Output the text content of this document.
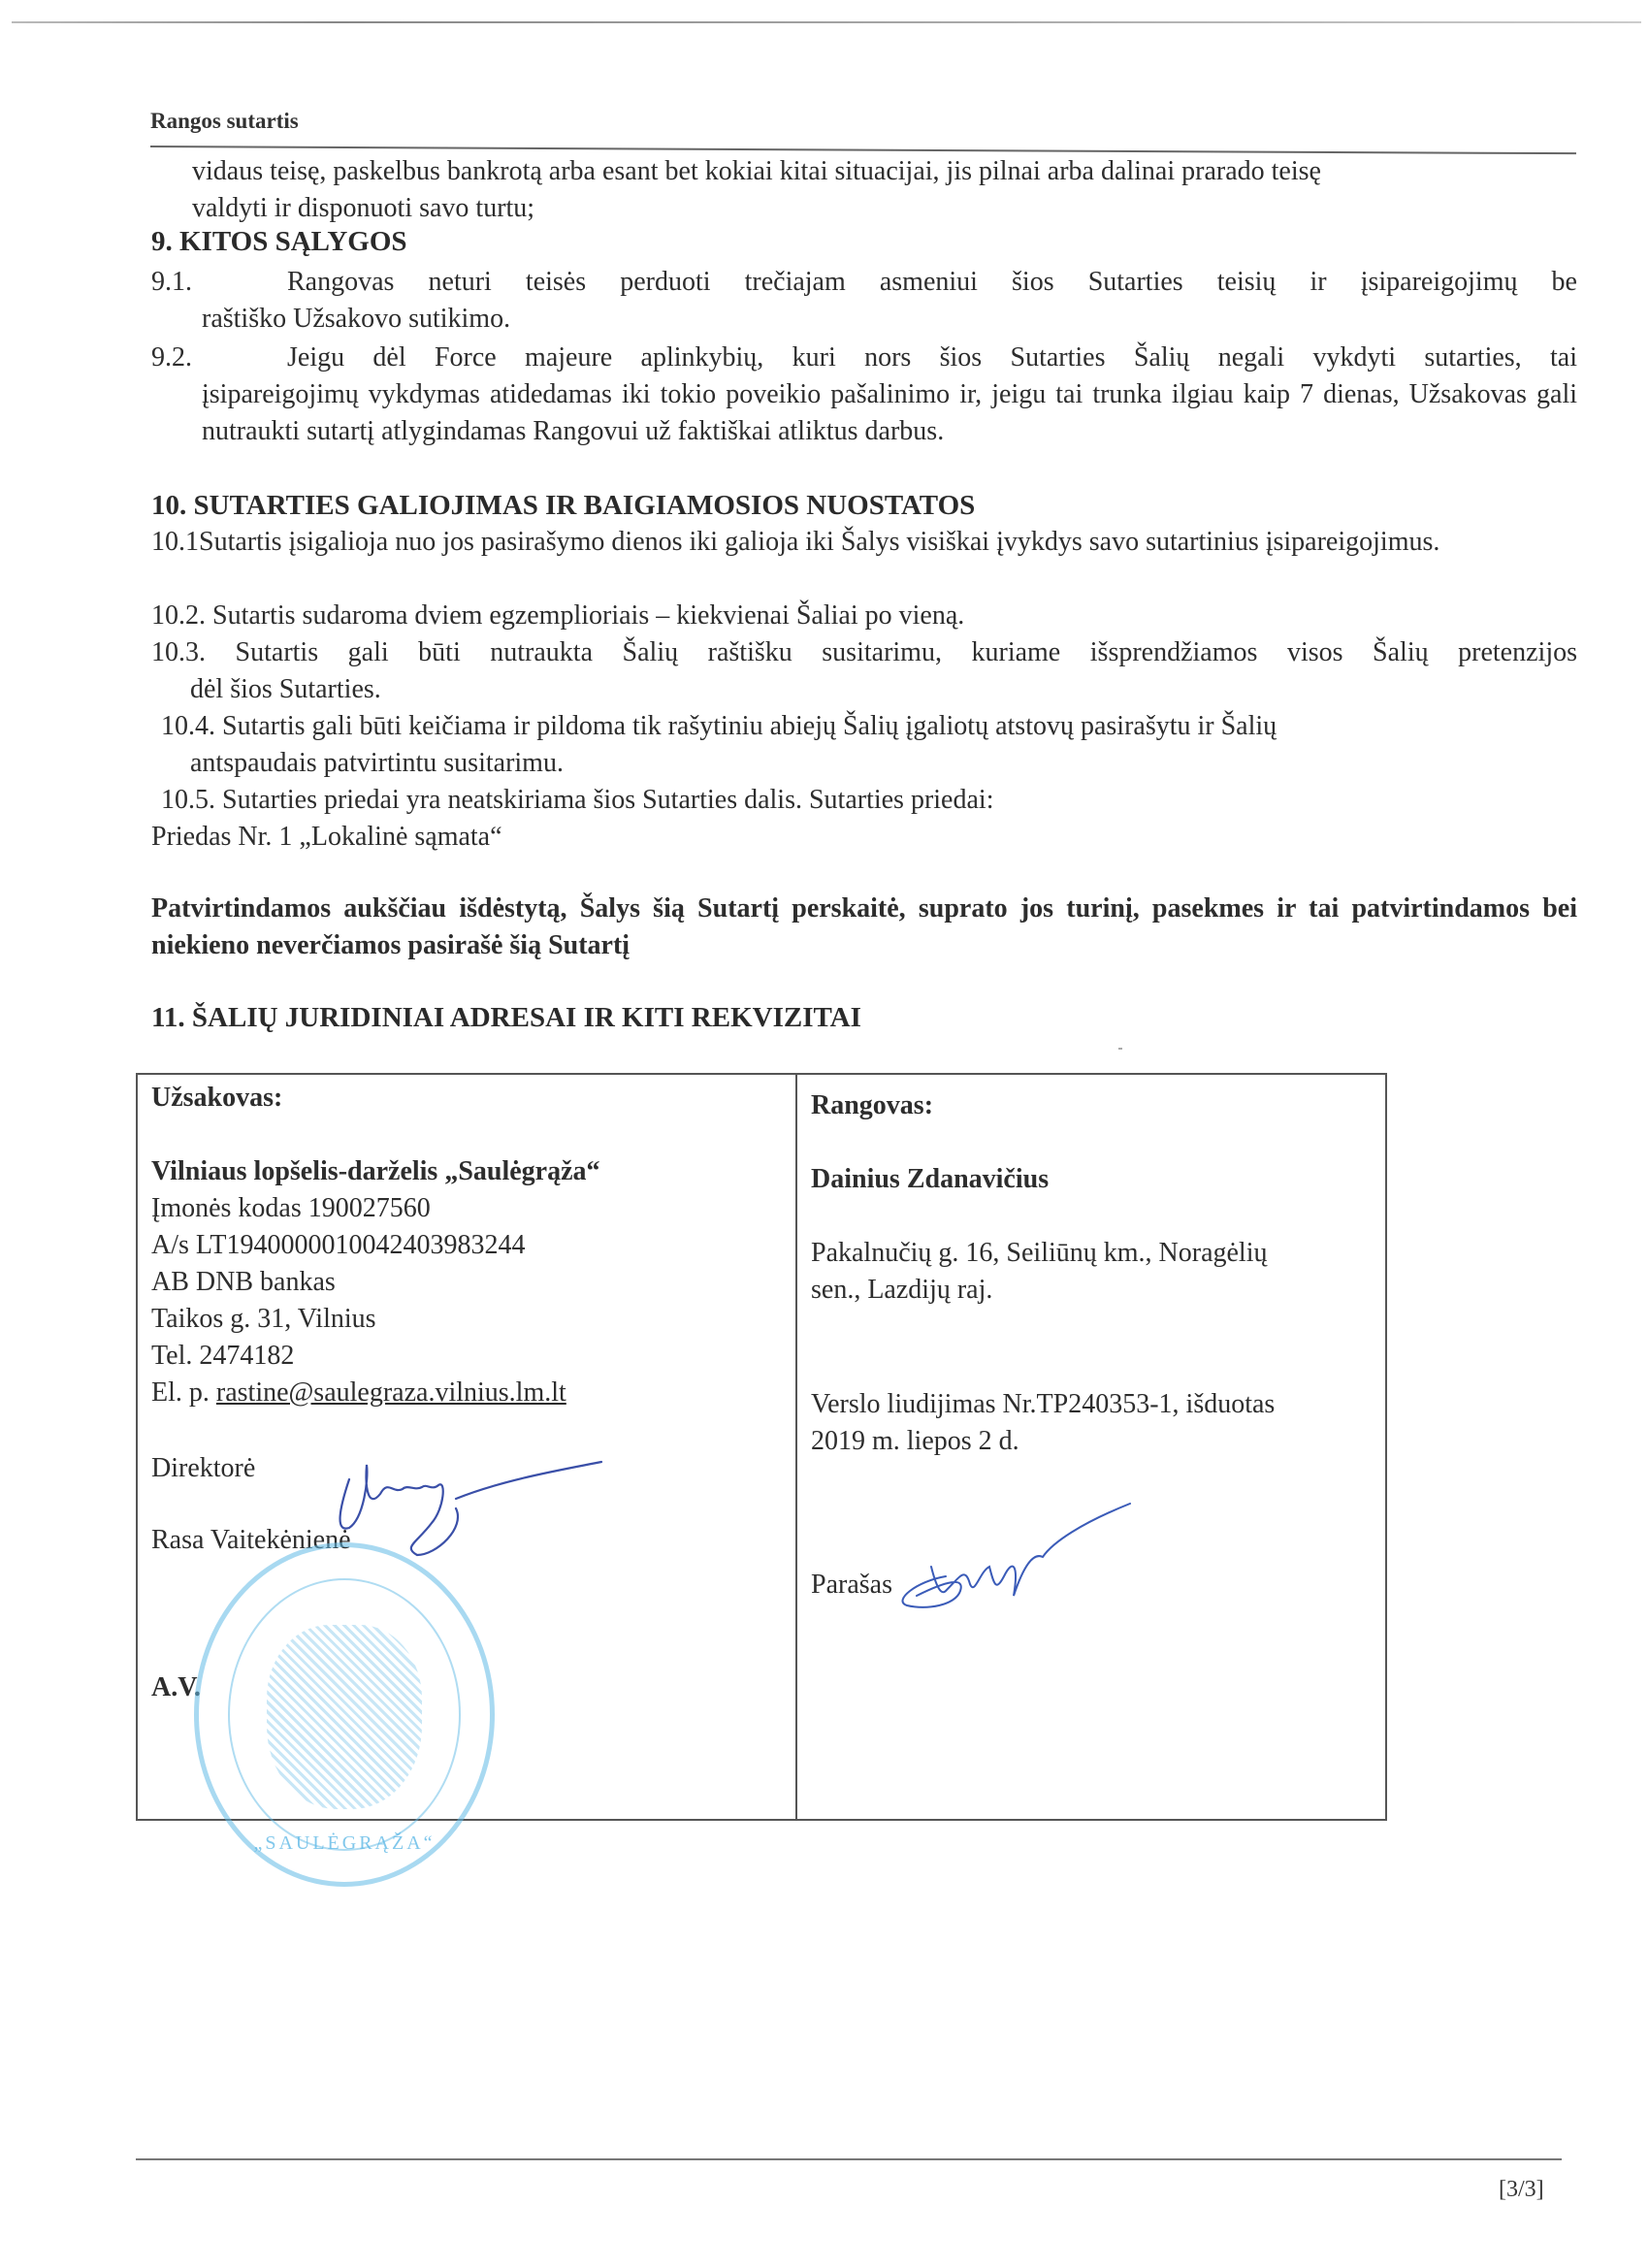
Rangos sutartis
vidaus teisę, paskelbus bankrotą arba esant bet kokiai kitai situacijai, jis pilnai arba dalinai prarado teisę
valdyti ir disponuoti savo turtu;
9. KITOS SĄLYGOS
9.1.	Rangovas neturi teisės perduoti trečiajam asmeniui šios Sutarties teisių ir įsipareigojimų be
raštiško Užsakovo sutikimo.
9.2.	Jeigu dėl Force majeure aplinkybių, kuri nors šios Sutarties Šalių negali vykdyti sutarties, tai
įsipareigojimų vykdymas atidedamas iki tokio poveikio pašalinimo ir, jeigu tai trunka ilgiau kaip 7 dienas, Užsakovas gali nutraukti sutartį atlygindamas Rangovui už faktiškai atliktus darbus.
10. SUTARTIES GALIOJIMAS IR BAIGIAMOSIOS NUOSTATOS
10.1Sutartis įsigalioja nuo jos pasirašymo dienos iki galioja iki Šalys visiškai įvykdys savo sutartinius įsipareigojimus.
10.2. Sutartis sudaroma dviem egzemplioriais – kiekvienai Šaliai po vieną.
10.3. Sutartis gali būti nutraukta Šalių raštišku susitarimu, kuriame išsprendžiamos visos Šalių pretenzijos
dėl šios Sutarties.
10.4. Sutartis gali būti keičiama ir pildoma tik rašytiniu abiejų Šalių įgaliotų atstovų pasirašytu ir Šalių
antspaudais patvirtintu susitarimu.
10.5. Sutarties priedai yra neatskiriama šios Sutarties dalis. Sutarties priedai:
Priedas Nr. 1 „Lokalinė sąmata“
Patvirtindamos aukščiau išdėstytą, Šalys šią Sutartį perskaitė, suprato jos turinį, pasekmes ir tai patvirtindamos bei niekieno neverčiamos pasirašė šią Sutartį
11. ŠALIŲ JURIDINIAI ADRESAI IR KITI REKVIZITAI
Užsakovas:
Vilniaus lopšelis-darželis „Saulėgrąža“
Įmonės kodas 190027560
A/s LT194000001004240398324​4
AB DNB bankas
Taikos g. 31, Vilnius
Tel. 2474182
El. p. rastine@saulegraza.vilnius.lm.lt
Direktorė
Rasa Vaitekėnienė
A.V.
Rangovas:
Dainius Zdanavičius
Pakalnučių g. 16, Seiliūnų km., Noragėlių
sen., Lazdijų raj.
Verslo liudijimas Nr.TP240353-1, išduotas
2019 m. liepos 2 d.
Parašas
„SAULĖGRĄŽA“
[3/3]
